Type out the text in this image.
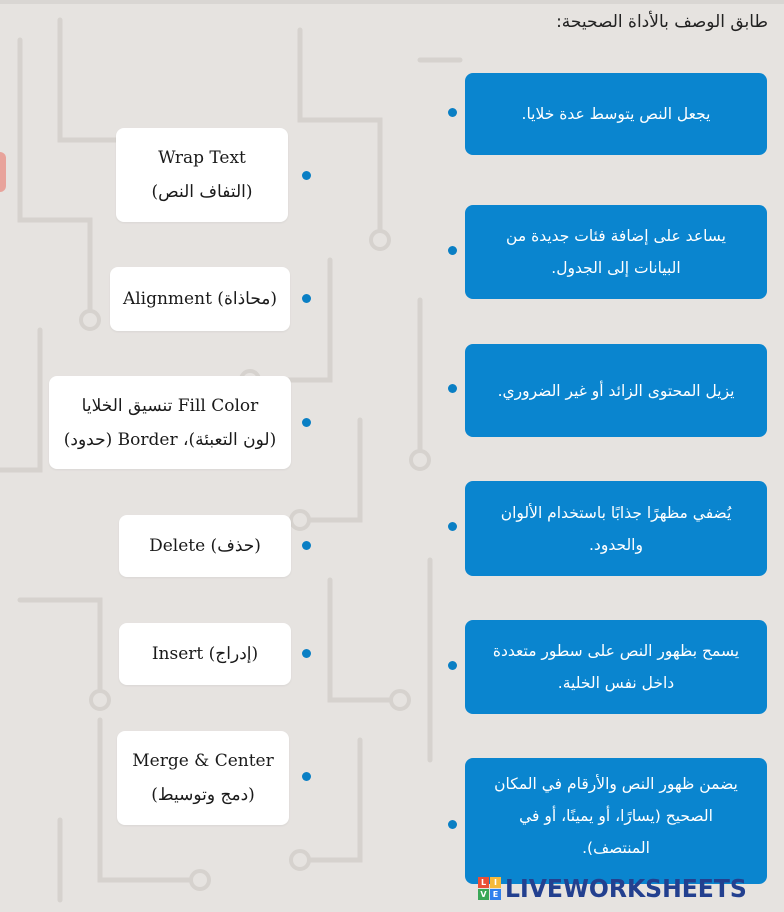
طابق الوصف بالأداة الصحيحة:
Wrap Text
(التفاف النص)
Alignment (محاذاة)
تنسيق الخلايا Fill Color
(لون التعبئة)، Border (حدود)
Delete (حذف)
Insert (إدراج)
Merge & Center
(دمج وتوسيط)
يجعل النص يتوسط عدة خلايا.
يساعد على إضافة فئات جديدة من البيانات إلى الجدول.
يزيل المحتوى الزائد أو غير الضروري.
يُضفي مظهرًا جذابًا باستخدام الألوان والحدود.
يسمح بظهور النص على سطور متعددة داخل نفس الخلية.
يضمن ظهور النص والأرقام في المكان الصحيح (يسارًا، أو يمينًا، أو في المنتصف).
L I
V E LIVEWORKSHEETS
